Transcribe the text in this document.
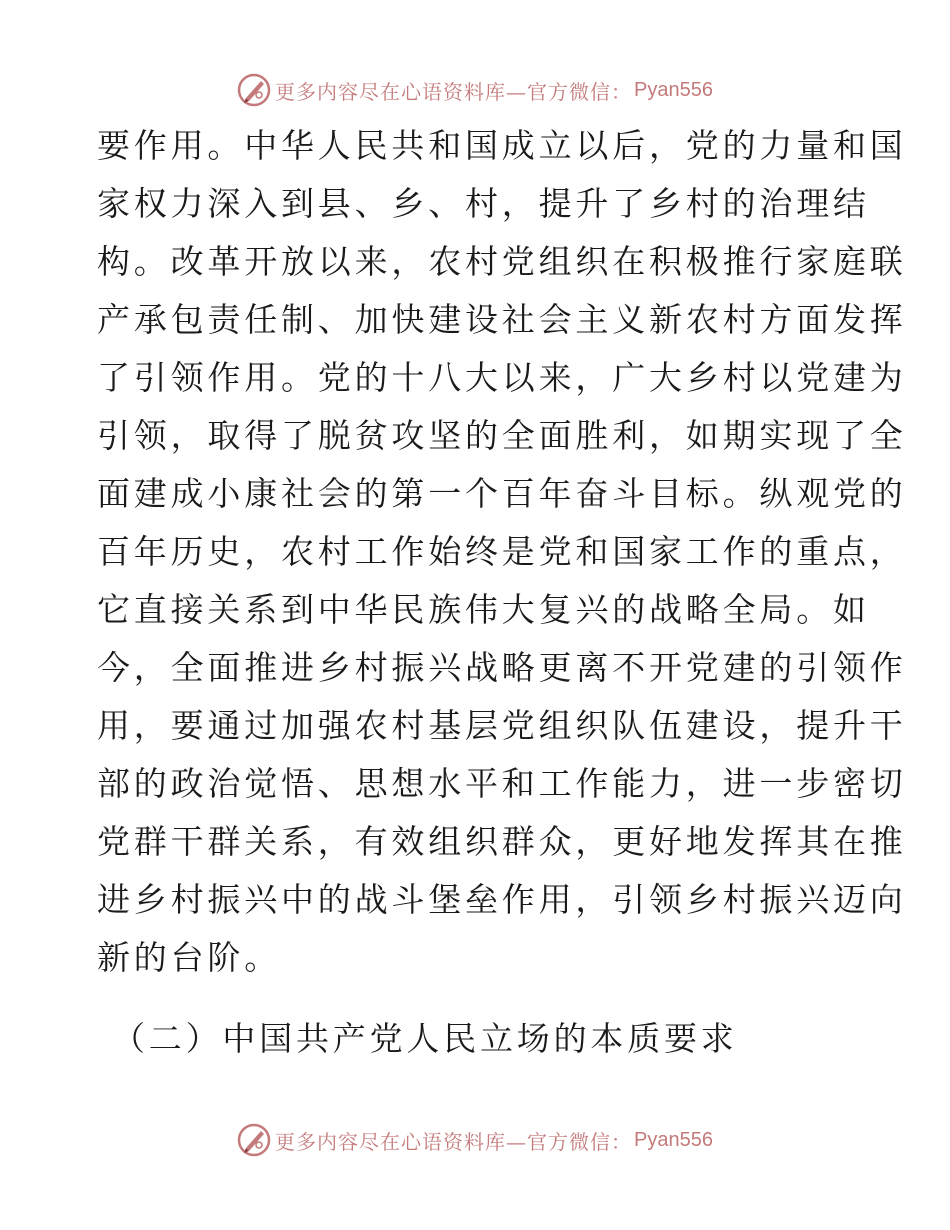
更多内容尽在心语资料库—官方微信： Pyan556
要作用。中华人民共和国成立以后，党的力量和国
家权力深入到县、乡、村，提升了乡村的治理结
构。改革开放以来，农村党组织在积极推行家庭联
产承包责任制、加快建设社会主义新农村方面发挥
了引领作用。党的十八大以来，广大乡村以党建为
引领，取得了脱贫攻坚的全面胜利，如期实现了全
面建成小康社会的第一个百年奋斗目标。纵观党的
百年历史，农村工作始终是党和国家工作的重点，
它直接关系到中华民族伟大复兴的战略全局。如
今，全面推进乡村振兴战略更离不开党建的引领作
用，要通过加强农村基层党组织队伍建设，提升干
部的政治觉悟、思想水平和工作能力，进一步密切
党群干群关系，有效组织群众，更好地发挥其在推
进乡村振兴中的战斗堡垒作用，引领乡村振兴迈向
新的台阶。
（二）中国共产党人民立场的本质要求
更多内容尽在心语资料库—官方微信： Pyan556
